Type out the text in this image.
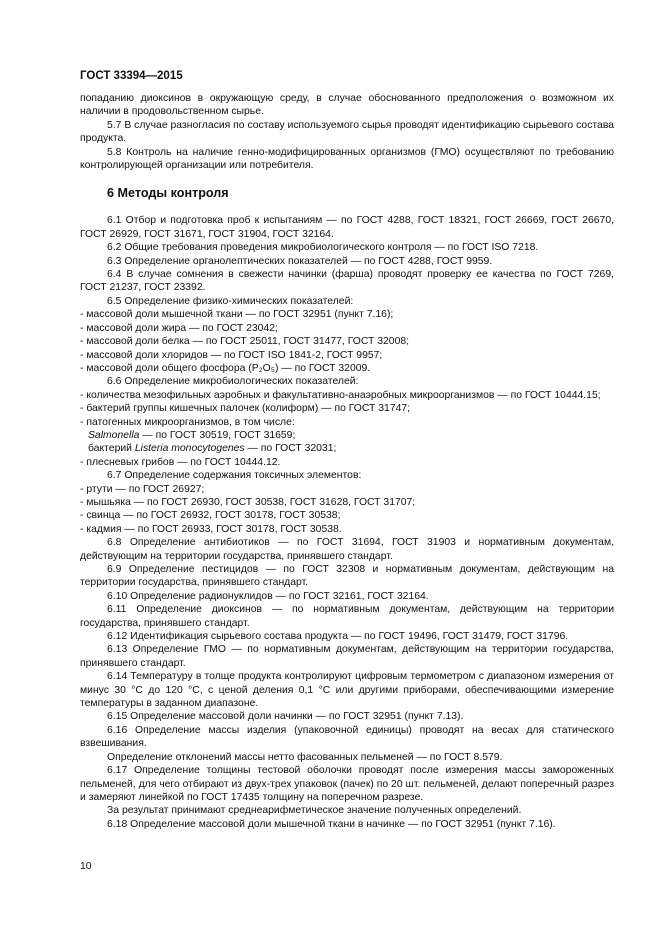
ГОСТ 33394—2015

попаданию диоксинов в окружающую среду, в случае обоснованного предположения о возможном их наличии в продовольственном сырье.

5.7 В случае разногласия по составу используемого сырья проводят идентификацию сырьевого состава продукта.

5.8 Контроль на наличие генно-модифицированных организмов (ГМО) осуществляют по требованию контролирующей организации или потребителя.

6 Методы контроля

6.1 Отбор и подготовка проб к испытаниям — по ГОСТ 4288, ГОСТ 18321, ГОСТ 26669, ГОСТ 26670, ГОСТ 26929, ГОСТ 31671, ГОСТ 31904, ГОСТ 32164.

6.2 Общие требования проведения микробиологического контроля — по ГОСТ ISO 7218.

6.3 Определение органолептических показателей — по ГОСТ 4288, ГОСТ 9959.

6.4 В случае сомнения в свежести начинки (фарша) проводят проверку ее качества по ГОСТ 7269, ГОСТ 21237, ГОСТ 23392.

6.5 Определение физико-химических показателей:

- массовой доли мышечной ткани — по ГОСТ 32951 (пункт 7.16);

- массовой доли жира — по ГОСТ 23042;

- массовой доли белка — по ГОСТ 25011, ГОСТ 31477, ГОСТ 32008;

- массовой доли хлоридов — по ГОСТ ISO 1841-2, ГОСТ 9957;

- массовой доли общего фосфора (P₂O₅) — по ГОСТ 32009.

6.6 Определение микробиологических показателей:

- количества мезофильных аэробных и факультативно-анаэробных микроорганизмов — по ГОСТ 10444.15;

- бактерий группы кишечных палочек (колиформ) — по ГОСТ 31747;

- патогенных микроорганизмов, в том числе:

Salmonella — по ГОСТ 30519, ГОСТ 31659;

бактерий Listeria monocytogenes — по ГОСТ 32031;

- плесневых грибов — по ГОСТ 10444.12.

6.7 Определение содержания токсичных элементов:

- ртути — по ГОСТ 26927;

- мышьяка — по ГОСТ 26930, ГОСТ 30538, ГОСТ 31628, ГОСТ 31707;

- свинца — по ГОСТ 26932, ГОСТ 30178, ГОСТ 30538;

- кадмия — по ГОСТ 26933, ГОСТ 30178, ГОСТ 30538.

6.8 Определение антибиотиков — по ГОСТ 31694, ГОСТ 31903 и нормативным документам, действующим на территории государства, принявшего стандарт.

6.9 Определение пестицидов — по ГОСТ 32308 и нормативным документам, действующим на территории государства, принявшего стандарт.

6.10 Определение радионуклидов — по ГОСТ 32161, ГОСТ 32164.

6.11 Определение диоксинов — по нормативным документам, действующим на территории государства, принявшего стандарт.

6.12 Идентификация сырьевого состава продукта — по ГОСТ 19496, ГОСТ 31479, ГОСТ 31796.

6.13 Определение ГМО — по нормативным документам, действующим на территории государства, принявшего стандарт.

6.14 Температуру в толще продукта контролируют цифровым термометром с диапазоном измерения от минус 30 °С до 120 °С, с ценой деления 0,1 °С или другими приборами, обеспечивающими измерение температуры в заданном диапазоне.

6.15 Определение массовой доли начинки — по ГОСТ 32951 (пункт 7.13).

6.16 Определение массы изделия (упаковочной единицы) проводят на весах для статического взвешивания.

Определение отклонений массы нетто фасованных пельменей — по ГОСТ 8.579.

6.17 Определение толщины тестовой оболочки проводят после измерения массы замороженных пельменей, для чего отбирают из двух-трех упаковок (пачек) по 20 шт. пельменей, делают поперечный разрез и замеряют линейкой по ГОСТ 17435 толщину на поперечном разрезе.

За результат принимают среднеарифметическое значение полученных определений.

6.18 Определение массовой доли мышечной ткани в начинке — по ГОСТ 32951 (пункт 7.16).

10
